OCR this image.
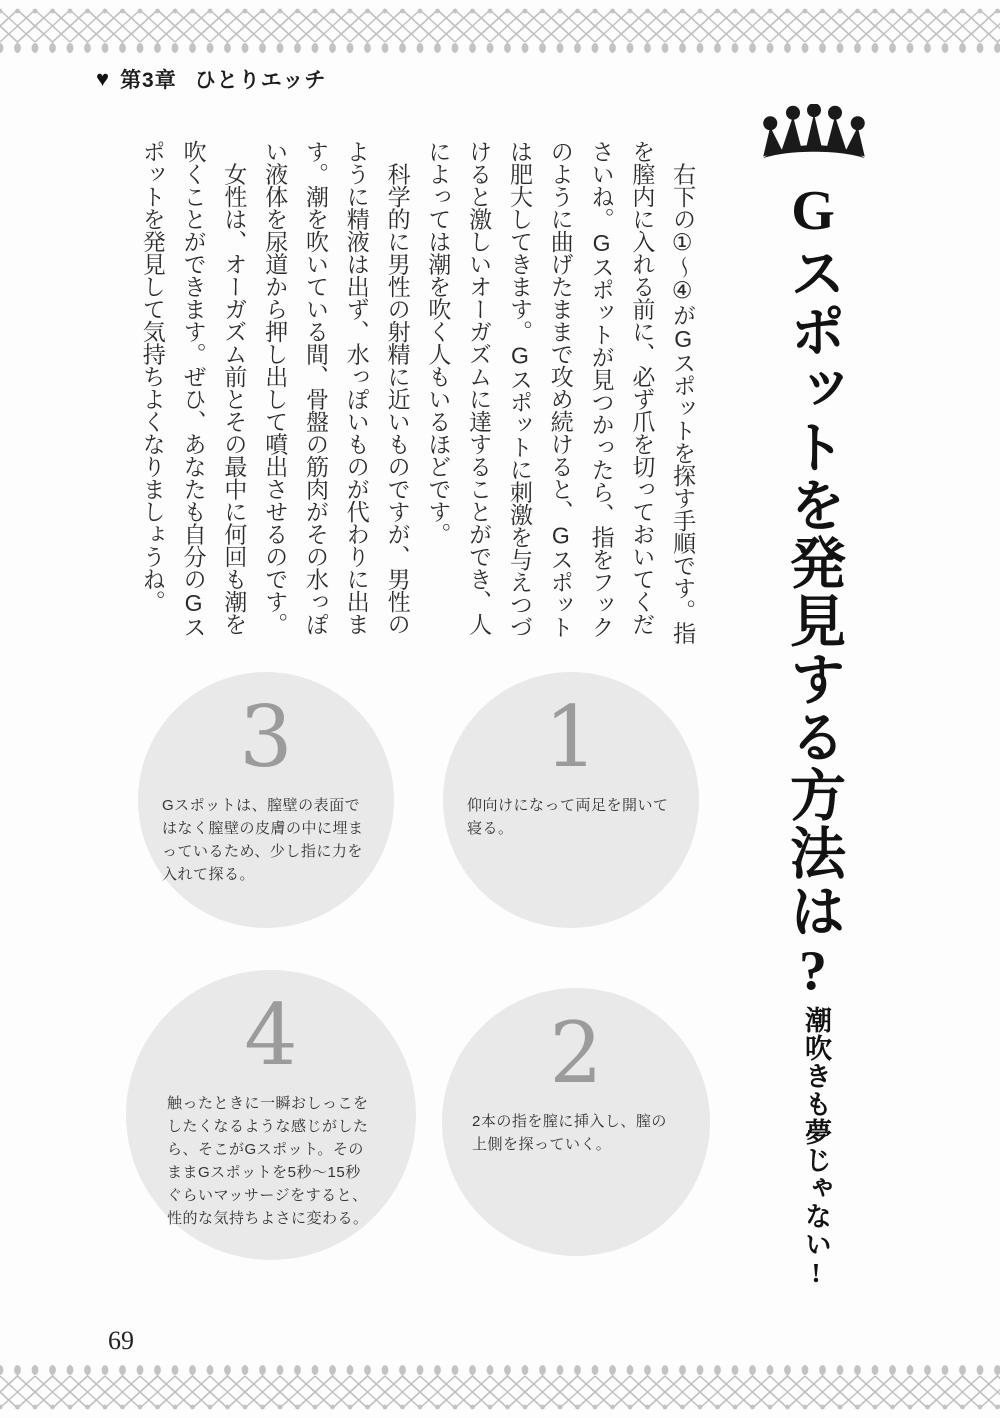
♥ 第3章 ひとりエッチ
Gスポットを発見する方法は?
潮吹きも夢じゃない!
　右下の①〜④がGスポットを探す手順です。指
を膣内に入れる前に、必ず爪を切っておいてくだ
さいね。Gスポットが見つかったら、指をフック
のように曲げたままで攻め続けると、Gスポット
は肥大してきます。Gスポットに刺激を与えつづ
けると激しいオーガズムに達することができ、人
によっては潮を吹く人もいるほどです。
　科学的に男性の射精に近いものですが、男性の
ように精液は出ず、水っぽいものが代わりに出ま
す。潮を吹いている間、骨盤の筋肉がその水っぽ
い液体を尿道から押し出して噴出させるのです。
　女性は、オーガズム前とその最中に何回も潮を
吹くことができます。ぜひ、あなたも自分のGス
ポットを発見して気持ちよくなりましょうね。
3

Gスポットは、膣壁の表面ではなく膣壁の皮膚の中に埋まっているため、少し指に力を入れて探る。

1

仰向けになって両足を開いて寝る。

4

触ったときに一瞬おしっこをしたくなるような感じがしたら、そこがGスポット。そのままGスポットを5秒〜15秒ぐらいマッサージをすると、性的な気持ちよさに変わる。

2

2本の指を膣に挿入し、膣の上側を探っていく。

69
